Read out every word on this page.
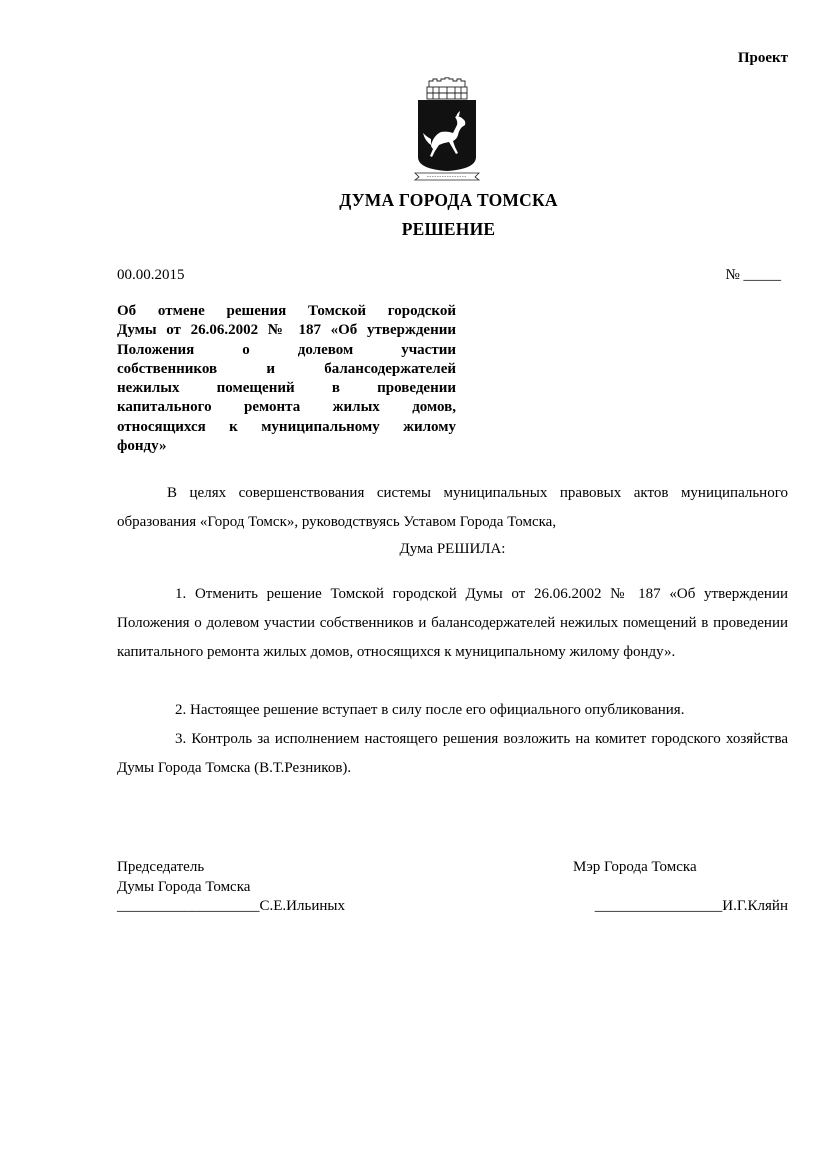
Проект
ДУМА ГОРОДА ТОМСКА
РЕШЕНИЕ
00.00.2015	№ _____
Об отмене решения Томской городской
Думы от 26.06.2002 № 187 «Об утверждении
Положения о долевом участии
собственников и балансодержателей
нежилых помещений в проведении
капитального ремонта жилых домов,
относящихся к муниципальному жилому
фонду»
В целях совершенствования системы муниципальных правовых актов муниципального образования «Город Томск», руководствуясь Уставом Города Томска,
Дума РЕШИЛА:
1. Отменить решение Томской городской Думы от 26.06.2002 № 187 «Об утверждении Положения о долевом участии собственников и балансодержателей нежилых помещений в проведении капитального ремонта жилых домов, относящихся к муниципальному жилому фонду».
2. Настоящее решение вступает в силу после его официального опубликования.
3. Контроль за исполнением настоящего решения возложить на комитет городского хозяйства Думы Города Томска (В.Т.Резников).
Председатель
Думы Города Томска
___________________С.Е.Ильиных
Мэр Города Томска
_________________И.Г.Кляйн
